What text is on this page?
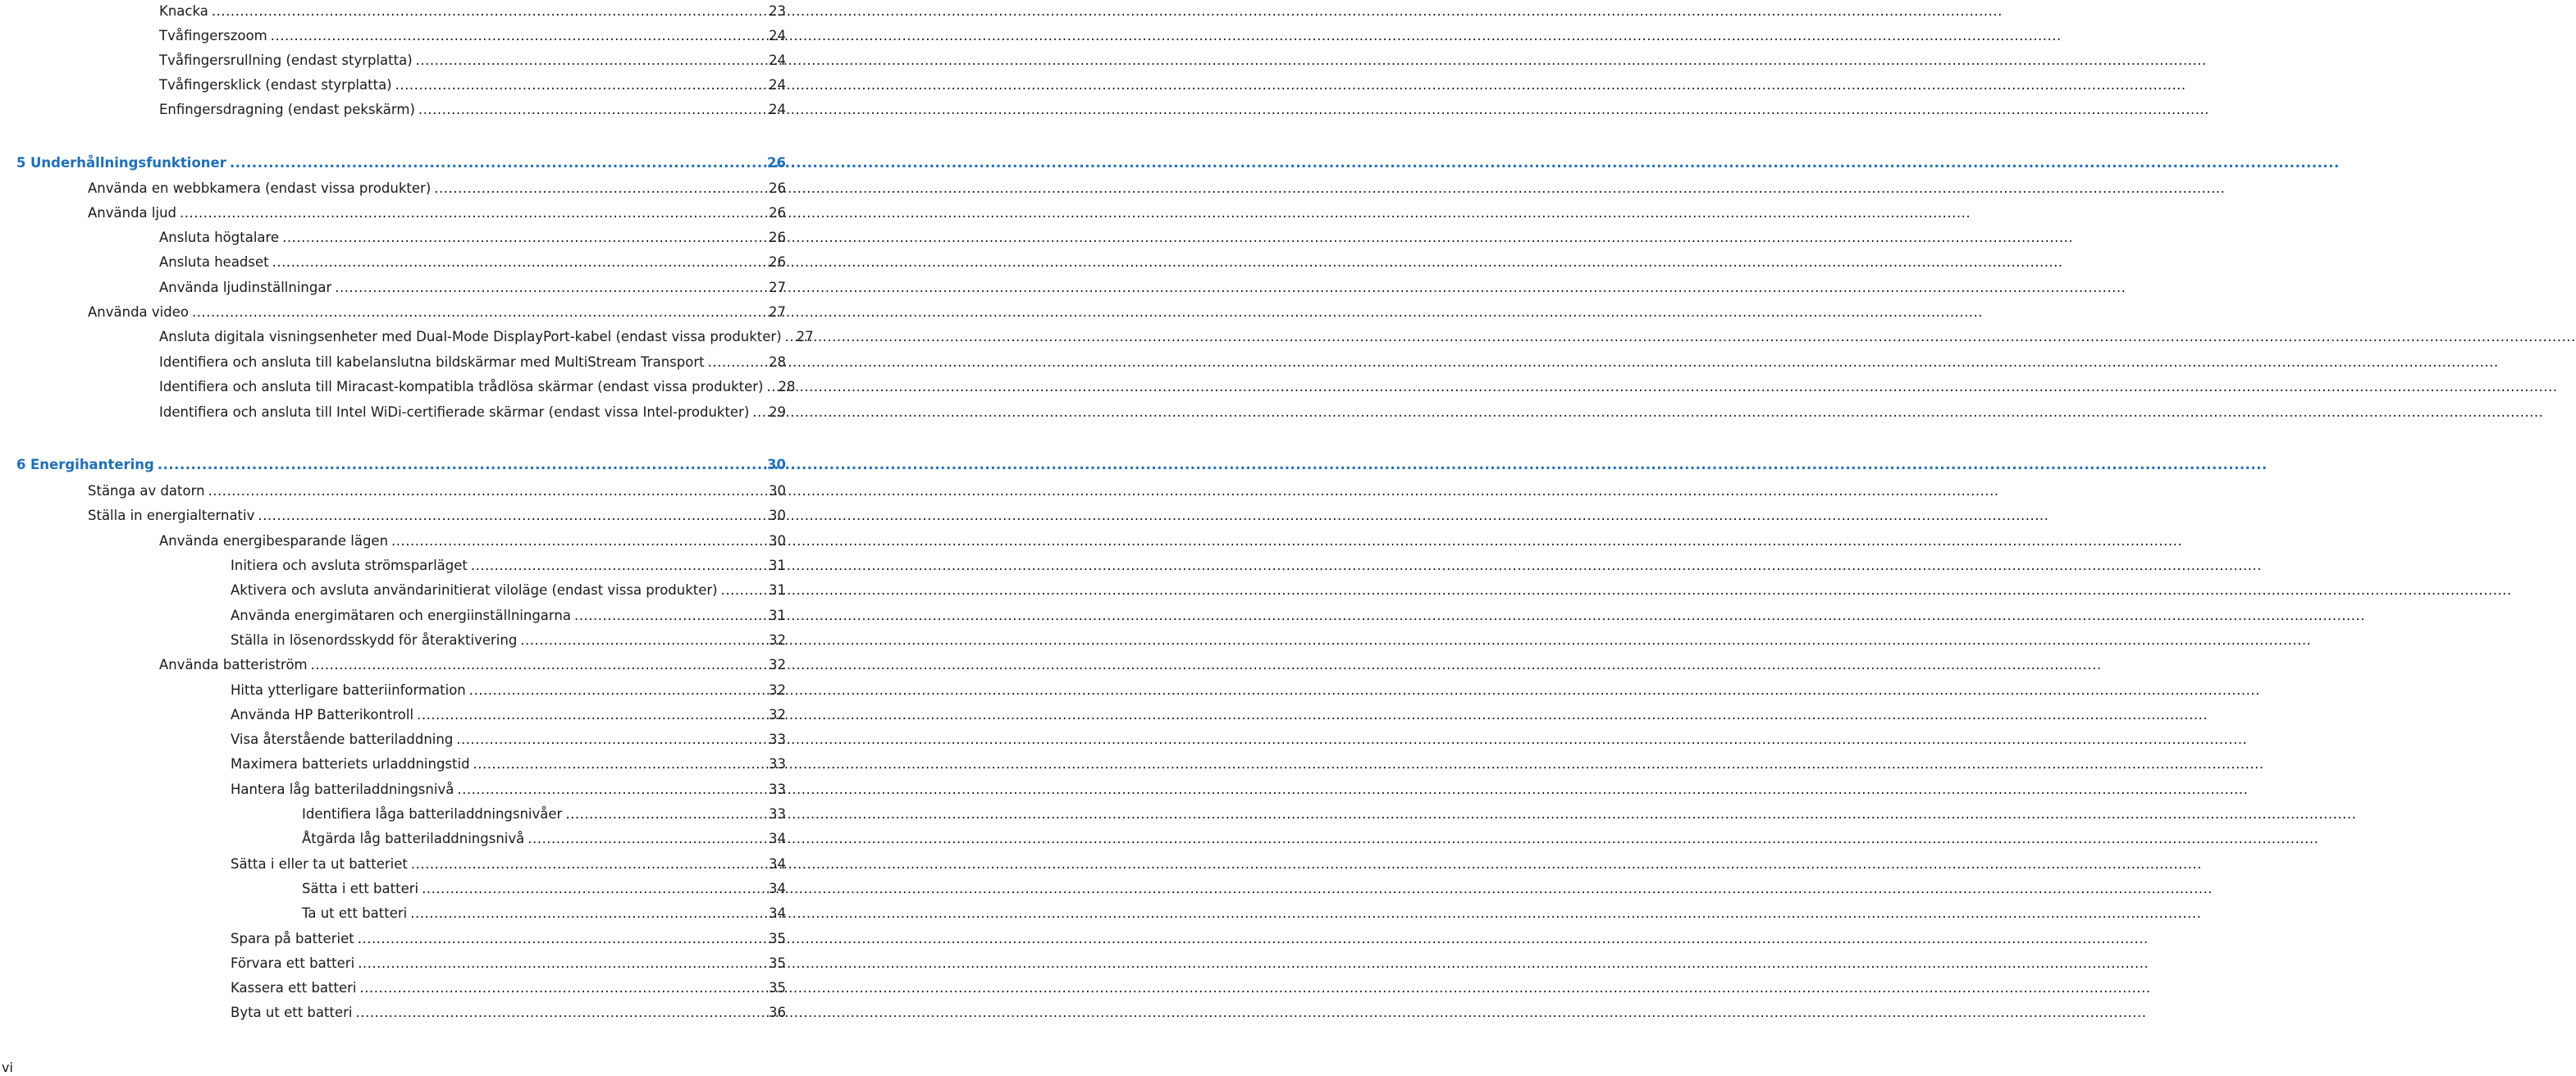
Knacka .....	23
Tvåfingerszoom .....	24
Tvåfingersrullning (endast styrplatta) .....	24
Tvåfingersklick (endast styrplatta) .....	24
Enfingersdragning (endast pekskärm) .....	24
5 Underhållningsfunktioner .....	26
Använda en webbkamera (endast vissa produkter) .....	26
Använda ljud .....	26
Ansluta högtalare .....	26
Ansluta headset .....	26
Använda ljudinställningar .....	27
Använda video .....	27
Ansluta digitala visningsenheter med Dual-Mode DisplayPort-kabel (endast vissa produkter) ..... 27
Identifiera och ansluta till kabelanslutna bildskärmar med MultiStream Transport .....	28
Identifiera och ansluta till Miracast-kompatibla trådlösa skärmar (endast vissa produkter) ..... 28
Identifiera och ansluta till Intel WiDi-certifierade skärmar (endast vissa Intel-produkter) ..... 29
6 Energihantering .....	30
Stänga av datorn .....	30
Ställa in energialternativ .....	30
Använda energibesparande lägen .....	30
Initiera och avsluta strömsparläget .....	31
Aktivera och avsluta användarinitierat viloläge (endast vissa produkter) .....	31
Använda energimätaren och energiinställningarna .....	31
Ställa in lösenordsskydd för återaktivering .....	32
Använda batteriström .....	32
Hitta ytterligare batteriinformation .....	32
Använda HP Batterikontroll .....	32
Visa återstående batteriladdning .....	33
Maximera batteriets urladdningstid .....	33
Hantera låg batteriladdningsnivå .....	33
Identifiera låga batteriladdningsnivåer .....	33
Åtgärda låg batteriladdningsnivå .....	34
Sätta i eller ta ut batteriet .....	34
Sätta i ett batteri .....	34
Ta ut ett batteri .....	34
Spara på batteriet .....	35
Förvara ett batteri .....	35
Kassera ett batteri .....	35
Byta ut ett batteri .....	36
vi
